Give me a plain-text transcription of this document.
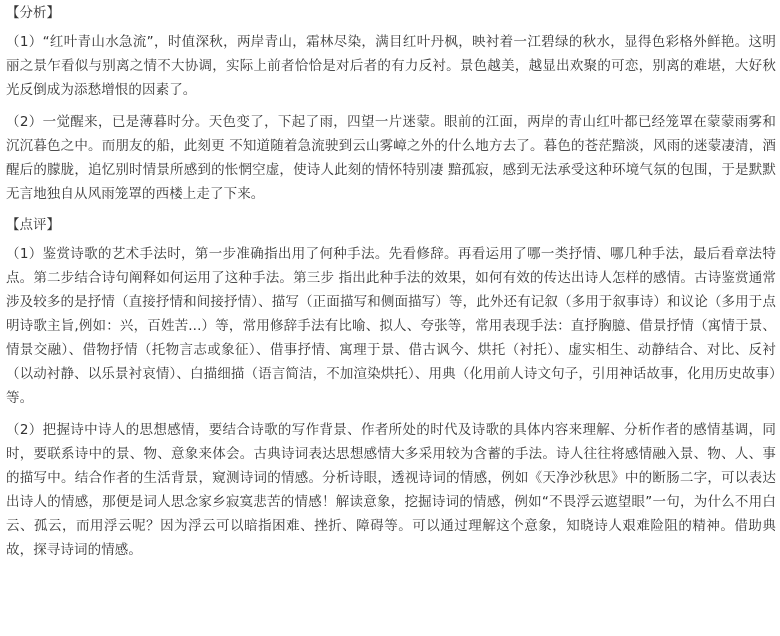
【分析】

（1）“红叶青山水急流”，时值深秋，两岸青山，霜林尽染，满目红叶丹枫，映衬着一江碧绿的秋水，显得色彩格外鲜艳。这明丽之景乍看似与别离之情不大协调，实际上前者恰恰是对后者的有力反衬。景色越美，越显出欢聚的可恋，别离的难堪，大好秋光反倒成为添愁增恨的因素了。

（2）一觉醒来，已是薄暮时分。天色变了，下起了雨，四望一片迷蒙。眼前的江面，两岸的青山红叶都已经笼罩在蒙蒙雨雾和沉沉暮色之中。而朋友的船，此刻更 不知道随着急流驶到云山雾嶂之外的什么地方去了。暮色的苍茫黯淡，风雨的迷蒙凄清，酒醒后的朦胧，追忆别时情景所感到的怅惘空虚，使诗人此刻的情怀特别凄 黯孤寂，感到无法承受这种环境气氛的包围，于是默默无言地独自从风雨笼罩的西楼上走了下来。

【点评】

（1）鉴赏诗歌的艺术手法时，第一步准确指出用了何种手法。先看修辞。再看运用了哪一类抒情、哪几种手法，最后看章法特点。第二步结合诗句阐释如何运用了这种手法。第三步 指出此种手法的效果，如何有效的传达出诗人怎样的感情。古诗鉴赏通常涉及较多的是抒情（直接抒情和间接抒情）、描写（正面描写和侧面描写）等，此外还有记叙（多用于叙事诗）和议论（多用于点明诗歌主旨,例如：兴，百姓苦...）等，常用修辞手法有比喻、拟人、夸张等，常用表现手法：直抒胸臆、借景抒情（寓情于景、情景交融）、借物抒情（托物言志或象征）、借事抒情、寓理于景、借古讽今、烘托（衬托）、虚实相生、动静结合、对比、反衬（以动衬静、以乐景衬哀情）、白描细描（语言简洁，不加渲染烘托）、用典（化用前人诗文句子，引用神话故事，化用历史故事）等。

（2）把握诗中诗人的思想感情，要结合诗歌的写作背景、作者所处的时代及诗歌的具体内容来理解、分析作者的感情基调，同时，要联系诗中的景、物、意象来体会。古典诗词表达思想感情大多采用较为含蓄的手法。诗人往往将感情融入景、物、人、事的描写中。结合作者的生活背景，窥测诗词的情感。分析诗眼，透视诗词的情感，例如《天净沙秋思》中的断肠二字，可以表达出诗人的情感，那便是词人思念家乡寂寞悲苦的情感！解读意象，挖掘诗词的情感，例如“不畏浮云遮望眼”一句，为什么不用白云、孤云，而用浮云呢？因为浮云可以暗指困难、挫折、障碍等。可以通过理解这个意象，知晓诗人艰难险阻的精神。借助典故，探寻诗词的情感。
